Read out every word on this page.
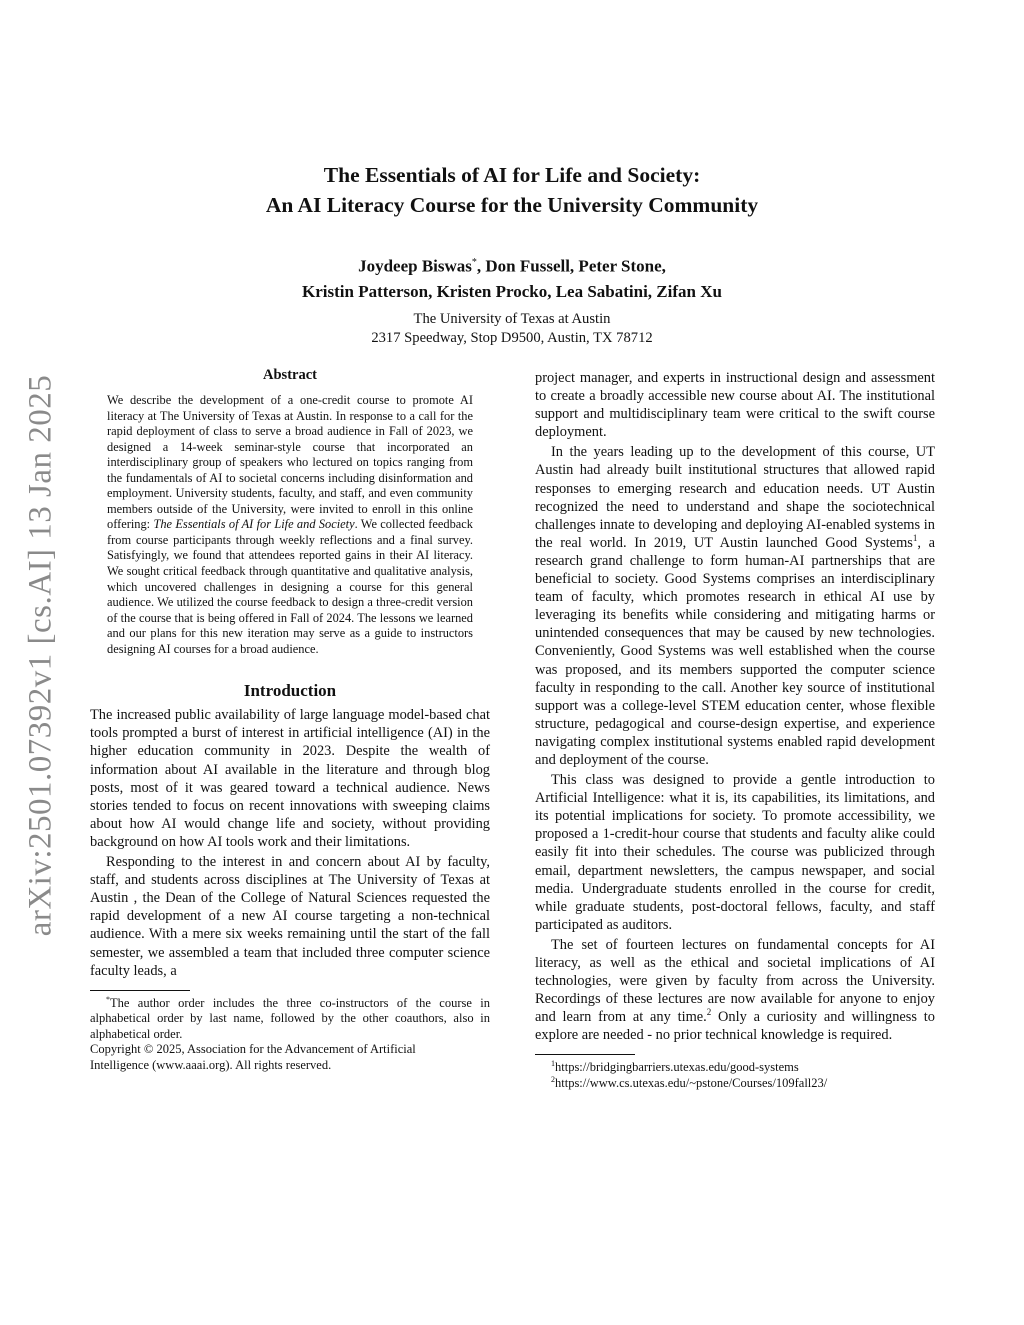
arXiv:2501.07392v1 [cs.AI] 13 Jan 2025
The Essentials of AI for Life and Society:
An AI Literacy Course for the University Community
Joydeep Biswas*, Don Fussell, Peter Stone,
Kristin Patterson, Kristen Procko, Lea Sabatini, Zifan Xu
The University of Texas at Austin
2317 Speedway, Stop D9500, Austin, TX 78712
Abstract

We describe the development of a one-credit course to promote AI literacy at The University of Texas at Austin. In response to a call for the rapid deployment of class to serve a broad audience in Fall of 2023, we designed a 14-week seminar-style course that incorporated an interdisciplinary group of speakers who lectured on topics ranging from the fundamentals of AI to societal concerns including disinformation and employment. University students, faculty, and staff, and even community members outside of the University, were invited to enroll in this online offering: The Essentials of AI for Life and Society. We collected feedback from course participants through weekly reflections and a final survey. Satisfyingly, we found that attendees reported gains in their AI literacy. We sought critical feedback through quantitative and qualitative analysis, which uncovered challenges in designing a course for this general audience. We utilized the course feedback to design a three-credit version of the course that is being offered in Fall of 2024. The lessons we learned and our plans for this new iteration may serve as a guide to instructors designing AI courses for a broad audience.

Introduction

The increased public availability of large language model-based chat tools prompted a burst of interest in artificial intelligence (AI) in the higher education community in 2023. Despite the wealth of information about AI available in the literature and through blog posts, most of it was geared toward a technical audience. News stories tended to focus on recent innovations with sweeping claims about how AI would change life and society, without providing background on how AI tools work and their limitations.

Responding to the interest in and concern about AI by faculty, staff, and students across disciplines at The University of Texas at Austin , the Dean of the College of Natural Sciences requested the rapid development of a new AI course targeting a non-technical audience. With a mere six weeks remaining until the start of the fall semester, we assembled a team that included three computer science faculty leads, a

*The author order includes the three co-instructors of the course in alphabetical order by last name, followed by the other coauthors, also in alphabetical order.

Copyright © 2025, Association for the Advancement of Artificial
Intelligence (www.aaai.org). All rights reserved.

project manager, and experts in instructional design and assessment to create a broadly accessible new course about AI. The institutional support and multidisciplinary team were critical to the swift course deployment.

In the years leading up to the development of this course, UT Austin had already built institutional structures that allowed rapid responses to emerging research and education needs. UT Austin recognized the need to understand and shape the sociotechnical challenges innate to developing and deploying AI-enabled systems in the real world. In 2019, UT Austin launched Good Systems$^1$, a research grand challenge to form human-AI partnerships that are beneficial to society. Good Systems comprises an interdisciplinary team of faculty, which promotes research in ethical AI use by leveraging its benefits while considering and mitigating harms or unintended consequences that may be caused by new technologies. Conveniently, Good Systems was well established when the course was proposed, and its members supported the computer science faculty in responding to the call. Another key source of institutional support was a college-level STEM education center, whose flexible structure, pedagogical and course-design expertise, and experience navigating complex institutional systems enabled rapid development and deployment of the course.

This class was designed to provide a gentle introduction to Artificial Intelligence: what it is, its capabilities, its limitations, and its potential implications for society. To promote accessibility, we proposed a 1-credit-hour course that students and faculty alike could easily fit into their schedules. The course was publicized through email, department newsletters, the campus newspaper, and social media. Undergraduate students enrolled in the course for credit, while graduate students, post-doctoral fellows, faculty, and staff participated as auditors.

The set of fourteen lectures on fundamental concepts for AI literacy, as well as the ethical and societal implications of AI technologies, were given by faculty from across the University. Recordings of these lectures are now available for anyone to enjoy and learn from at any time.$^2$ Only a curiosity and willingness to explore are needed - no prior technical knowledge is required.

$^1$https://bridgingbarriers.utexas.edu/good-systems

$^2$https://www.cs.utexas.edu/~pstone/Courses/109fall23/
